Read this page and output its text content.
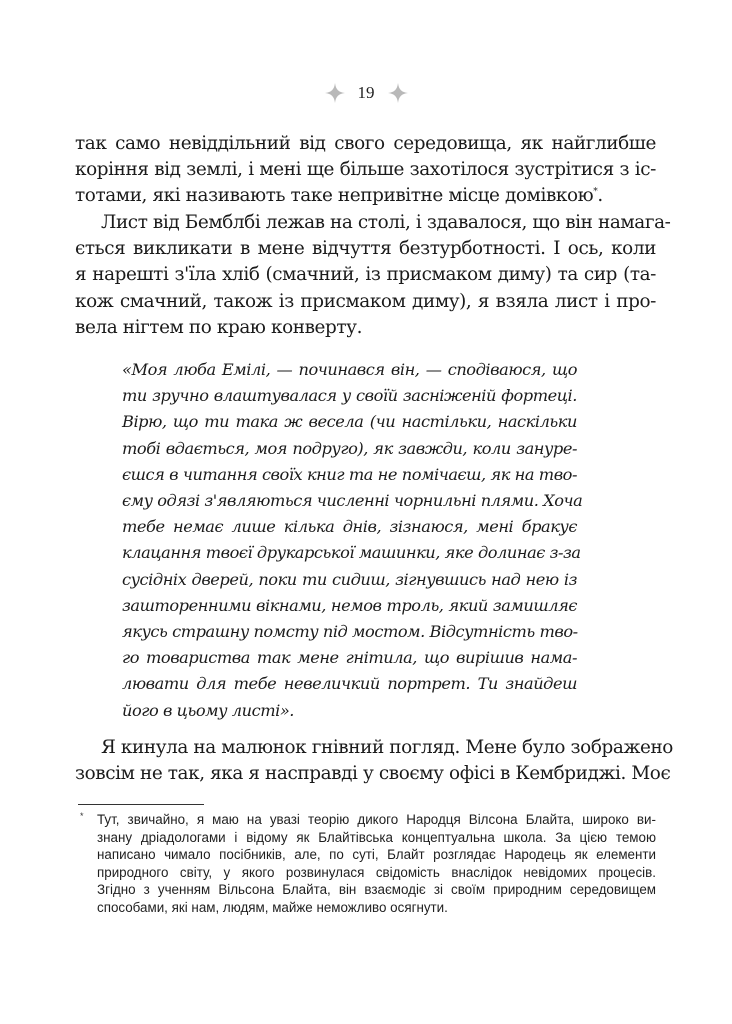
19
так само невіддільний від свого середовища, як найглибше
коріння від землі, і мені ще більше захотілося зустрітися з іс-
тотами, які називають таке непривітне місце домівкою*.
Лист від Бемблбі лежав на столі, і здавалося, що він намага-
ється викликати в мене відчуття безтурботності. І ось, коли
я нарешті з'їла хліб (смачний, із присмаком диму) та сир (та-
кож смачний, також із присмаком диму), я взяла лист і про-
вела нігтем по краю конверту.
«Моя люба Емілі, — починався він, — сподіваюся, що
ти зручно влаштувалася у своїй засніженій фортеці.
Вірю, що ти така ж весела (чи настільки, наскільки
тобі вдається, моя подруго), як завжди, коли зануре-
єшся в читання своїх книг та не помічаєш, як на тво-
єму одязі з'являються численні чорнильні плями. Хоча
тебе немає лише кілька днів, зізнаюся, мені бракує
клацання твоєї друкарської машинки, яке долинає з-за
сусідніх дверей, поки ти сидиш, зігнувшись над нею із
зашторенними вікнами, немов троль, який замишляє
якусь страшну помсту під мостом. Відсутність тво-
го товариства так мене гнітила, що вирішив нама-
лювати для тебе невеличкий портрет. Ти знайдеш
його в цьому листі».
Я кинула на малюнок гнівний погляд. Мене було зображено
зовсім не так, яка я насправді у своєму офісі в Кембриджі. Моє
* Тут, звичайно, я маю на увазі теорію дикого Народця Вілсона Блайта, широко ви-
знану дріадологами і відому як Блайтівська концептуальна школа. За цією темою
написано чимало посібників, але, по суті, Блайт розглядає Народець як елементи
природного світу, у якого розвинулася свідомість внаслідок невідомих процесів.
Згідно з ученням Вільсона Блайта, він взаємодіє зі своїм природним середовищем
способами, які нам, людям, майже неможливо осягнути.
